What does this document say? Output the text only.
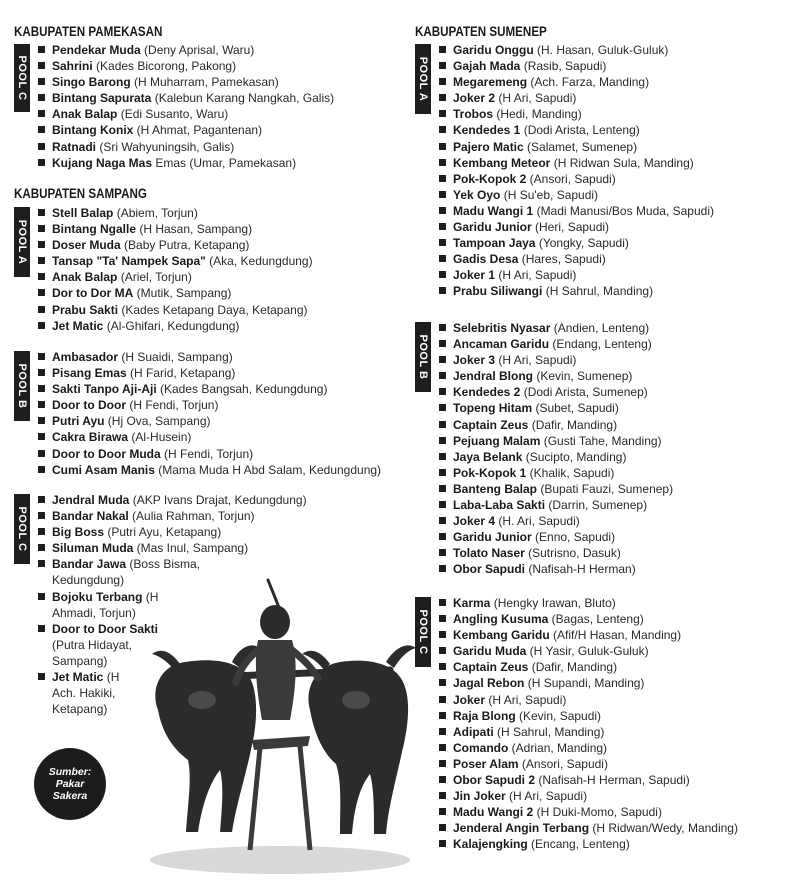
KABUPATEN PAMEKASAN
POOL C
Pendekar Muda (Deny Aprisal, Waru)
Sahrini (Kades Bicorong, Pakong)
Singo Barong (H Muharram, Pamekasan)
Bintang Sapurata (Kalebun Karang Nangkah, Galis)
Anak Balap (Edi Susanto, Waru)
Bintang Konix (H Ahmat, Pagantenan)
Ratnadi (Sri Wahyuningsih, Galis)
Kujang Naga Mas Emas (Umar, Pamekasan)
KABUPATEN SAMPANG
POOL A
Stell Balap (Abiem, Torjun)
Bintang Ngalle (H Hasan, Sampang)
Doser Muda (Baby Putra, Ketapang)
Tansap "Ta' Nampek Sapa" (Aka, Kedungdung)
Anak Balap (Ariel, Torjun)
Dor to Dor MA (Mutik, Sampang)
Prabu Sakti (Kades Ketapang Daya, Ketapang)
Jet Matic (Al-Ghifari, Kedungdung)
POOL B
Ambasador (H Suaidi, Sampang)
Pisang Emas (H Farid, Ketapang)
Sakti Tanpo Aji-Aji (Kades Bangsah, Kedungdung)
Door to Door (H Fendi, Torjun)
Putri Ayu (Hj Ova, Sampang)
Cakra Birawa (Al-Husein)
Door to Door Muda (H Fendi, Torjun)
Cumi Asam Manis (Mama Muda H Abd Salam, Kedungdung)
POOL C
Jendral Muda (AKP Ivans Drajat, Kedungdung)
Bandar Nakal (Aulia Rahman, Torjun)
Big Boss (Putri Ayu, Ketapang)
Siluman Muda (Mas Inul, Sampang)
Bandar Jawa (Boss Bisma, Kedungdung)
Bojoku Terbang (H Ahmadi, Torjun)
Door to Door Sakti (Putra Hidayat, Sampang)
Jet Matic (H Ach. Hakiki, Ketapang)
KABUPATEN SUMENEP
POOL A
Garidu Onggu (H. Hasan, Guluk-Guluk)
Gajah Mada (Rasib, Sapudi)
Megaremeng (Ach. Farza, Manding)
Joker 2 (H Ari, Sapudi)
Trobos (Hedi, Manding)
Kendedes 1 (Dodi Arista, Lenteng)
Pajero Matic (Salamet, Sumenep)
Kembang Meteor (H Ridwan Sula, Manding)
Pok-Kopok 2 (Ansori, Sapudi)
Yek Oyo (H Su'eb, Sapudi)
Madu Wangi 1 (Madi Manusi/Bos Muda, Sapudi)
Garidu Junior (Heri, Sapudi)
Tampoan Jaya (Yongky, Sapudi)
Gadis Desa (Hares, Sapudi)
Joker 1 (H Ari, Sapudi)
Prabu Siliwangi (H Sahrul, Manding)
POOL B
Selebritis Nyasar (Andien, Lenteng)
Ancaman Garidu (Endang, Lenteng)
Joker 3 (H Ari, Sapudi)
Jendral Blong (Kevin, Sumenep)
Kendedes 2 (Dodi Arista, Sumenep)
Topeng Hitam (Subet, Sapudi)
Captain Zeus (Dafir, Manding)
Pejuang Malam (Gusti Tahe, Manding)
Jaya Belank (Sucipto, Manding)
Pok-Kopok 1 (Khalik, Sapudi)
Banteng Balap (Bupati Fauzi, Sumenep)
Laba-Laba Sakti (Darrin, Sumenep)
Joker 4 (H. Ari, Sapudi)
Garidu Junior (Enno, Sapudi)
Tolato Naser (Sutrisno, Dasuk)
Obor Sapudi (Nafisah-H Herman)
POOL C
Karma (Hengky Irawan, Bluto)
Angling Kusuma (Bagas, Lenteng)
Kembang Garidu (Afif/H Hasan, Manding)
Garidu Muda (H Yasir, Guluk-Guluk)
Captain Zeus (Dafir, Manding)
Jagal Rebon (H Supandi, Manding)
Joker (H Ari, Sapudi)
Raja Blong (Kevin, Sapudi)
Adipati (H Sahrul, Manding)
Comando (Adrian, Manding)
Poser Alam (Ansori, Sapudi)
Obor Sapudi 2 (Nafisah-H Herman, Sapudi)
Jin Joker (H Ari, Sapudi)
Madu Wangi 2 (H Duki-Momo, Sapudi)
Jenderal Angin Terbang (H Ridwan/Wedy, Manding)
Kalajengking (Encang, Lenteng)
Sumber:
Pakar
Sakera
